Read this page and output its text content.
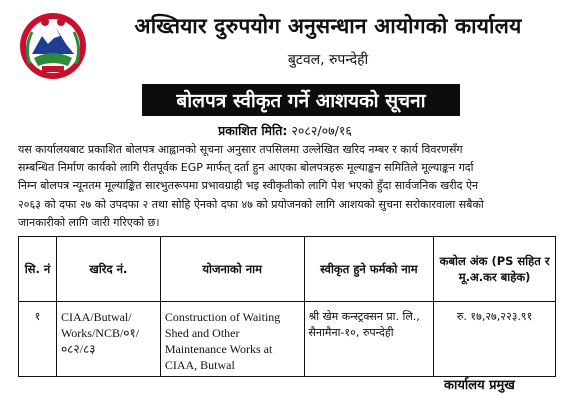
अख्तियार दुरुपयोग अनुसन्धान आयोगको कार्यालय
बुटवल, रुपन्देही
बोलपत्र स्वीकृत गर्ने आशयको सूचना
प्रकाशित मिति: २०८२/०७/१६
यस कार्यालयबाट प्रकाशित बोलपत्र आह्वानको सूचना अनुसार तपसिलमा उल्लेखित खरिद नम्बर र कार्य विवरणसँग
सम्बन्धित निर्माण कार्यको लागि रीतपूर्वक EGP मार्फत् दर्ता हुन आएका बोलपत्रहरू मूल्याङ्कन समितिले मूल्याङ्कन गर्दा
निम्न बोलपत्र न्यूनतम मूल्याङ्कित सारभुतरूपमा प्रभावग्राही भइ स्वीकृतीको लागि पेश भएको हुँदा सार्वजनिक खरीद ऐन
२०६३ को दफा २७ को उपदफा २ तथा सोहि ऐनको दफा ४७ को प्रयोजनको लागि आशयको सुचना सरोकारवाला सबैको
जानकारीको लागि जारी गरिएको छ।
सि. नं	खरिद नं.	योजनाको नाम	स्वीकृत हुने फर्मको नाम	कबोल अंक (PS सहित र मू.अ.कर बाहेक)
१	CIAA/Butwal/ Works/NCB/०१/ ०८२/८३	Construction of Waiting Shed and Other Maintenance Works at CIAA, Butwal	श्री खेम कन्स्ट्रक्सन प्रा. लि., सैनामैना-१०, रुपन्देही	रु. १७,२७,२२३.९१
कार्यालय प्रमुख
